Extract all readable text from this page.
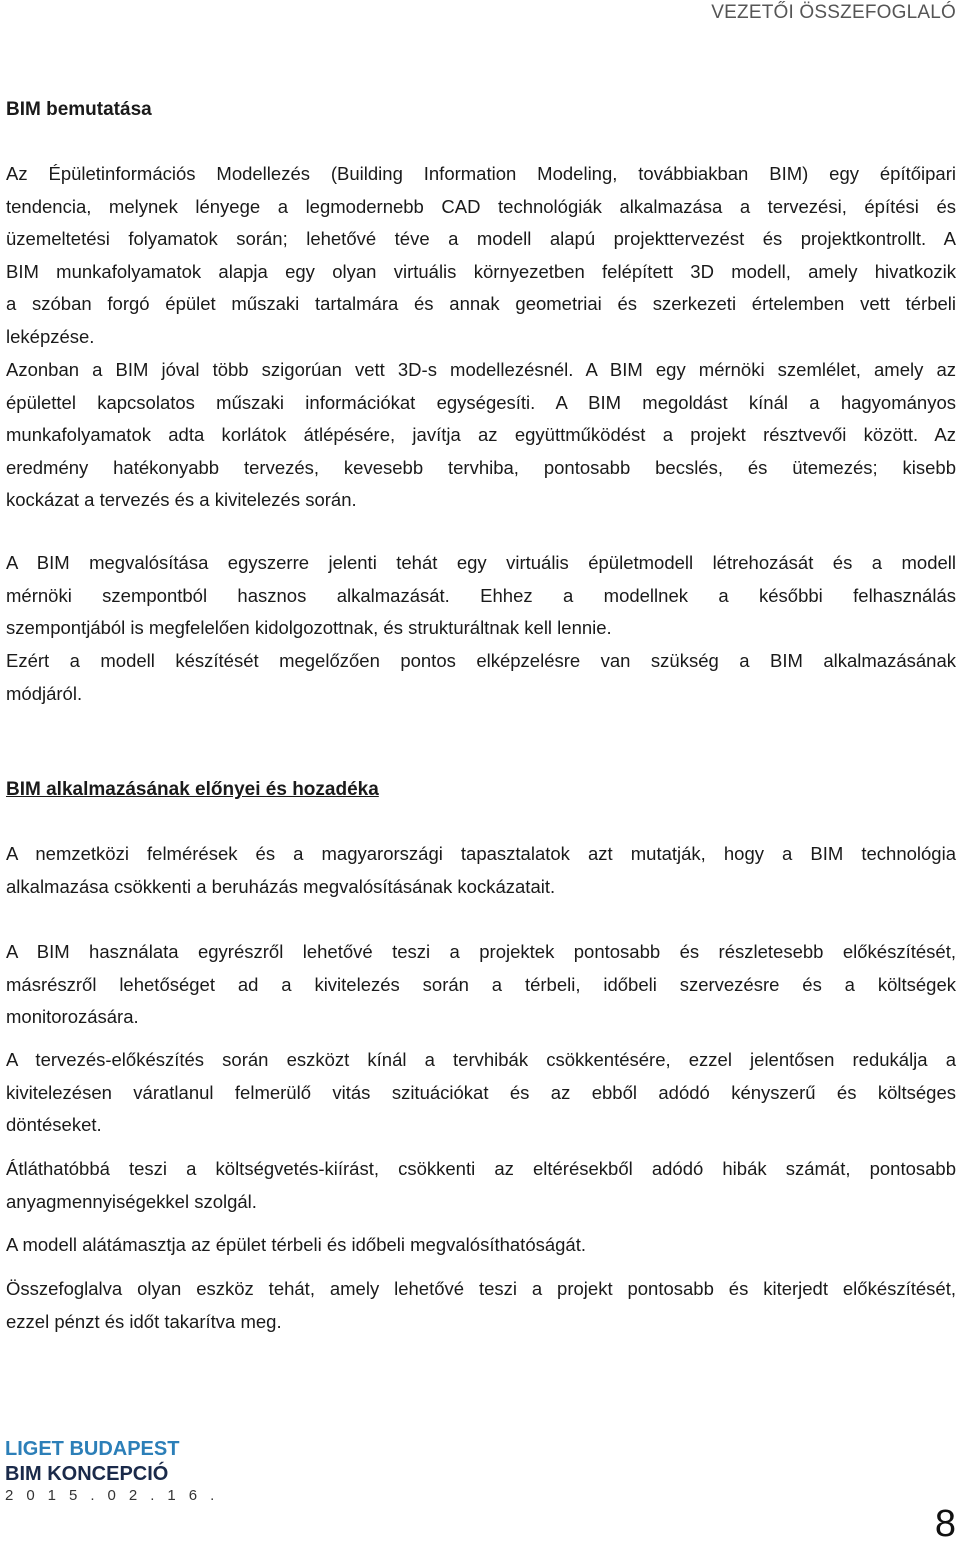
VEZETŐI ÖSSZEFOGLALÓ
BIM bemutatása
Az Épületinformációs Modellezés (Building Information Modeling, továbbiakban BIM) egy építőipari
tendencia, melynek lényege a legmodernebb CAD technológiák alkalmazása a tervezési, építési és
üzemeltetési folyamatok során; lehetővé téve a modell alapú projekttervezést és projektkontrollt. A
BIM munkafolyamatok alapja egy olyan virtuális környezetben felépített 3D modell, amely hivatkozik
a szóban forgó épület műszaki tartalmára és annak geometriai és szerkezeti értelemben vett térbeli
leképzése.
Azonban a BIM jóval több szigorúan vett 3D-s modellezésnél. A BIM egy mérnöki szemlélet, amely az
épülettel kapcsolatos műszaki információkat egységesíti. A BIM megoldást kínál a hagyományos
munkafolyamatok adta korlátok átlépésére, javítja az együttműködést a projekt résztvevői között. Az
eredmény hatékonyabb tervezés, kevesebb tervhiba, pontosabb becslés, és ütemezés; kisebb
kockázat a tervezés és a kivitelezés során.
A BIM megvalósítása egyszerre jelenti tehát egy virtuális épületmodell létrehozását és a modell
mérnöki szempontból hasznos alkalmazását. Ehhez a modellnek a későbbi felhasználás
szempontjából is megfelelően kidolgozottnak, és strukturáltnak kell lennie.
Ezért a modell készítését megelőzően pontos elképzelésre van szükség a BIM alkalmazásának
módjáról.
BIM alkalmazásának előnyei és hozadéka
A nemzetközi felmérések és a magyarországi tapasztalatok azt mutatják, hogy a BIM technológia
alkalmazása csökkenti a beruházás megvalósításának kockázatait.
A BIM használata egyrészről lehetővé teszi a projektek pontosabb és részletesebb előkészítését,
másrészről lehetőséget ad a kivitelezés során a térbeli, időbeli szervezésre és a költségek
monitorozására.
A tervezés-előkészítés során eszközt kínál a tervhibák csökkentésére, ezzel jelentősen redukálja a
kivitelezésen váratlanul felmerülő vitás szituációkat és az ebből adódó kényszerű és költséges
döntéseket.
Átláthatóbbá teszi a költségvetés-kiírást, csökkenti az eltérésekből adódó hibák számát, pontosabb
anyagmennyiségekkel szolgál.
A modell alátámasztja az épület térbeli és időbeli megvalósíthatóságát.
Összefoglalva olyan eszköz tehát, amely lehetővé teszi a projekt pontosabb és kiterjedt előkészítését,
ezzel pénzt és időt takarítva meg.
LIGET BUDAPEST
BIM KONCEPCIÓ
2015.02.16.
8
